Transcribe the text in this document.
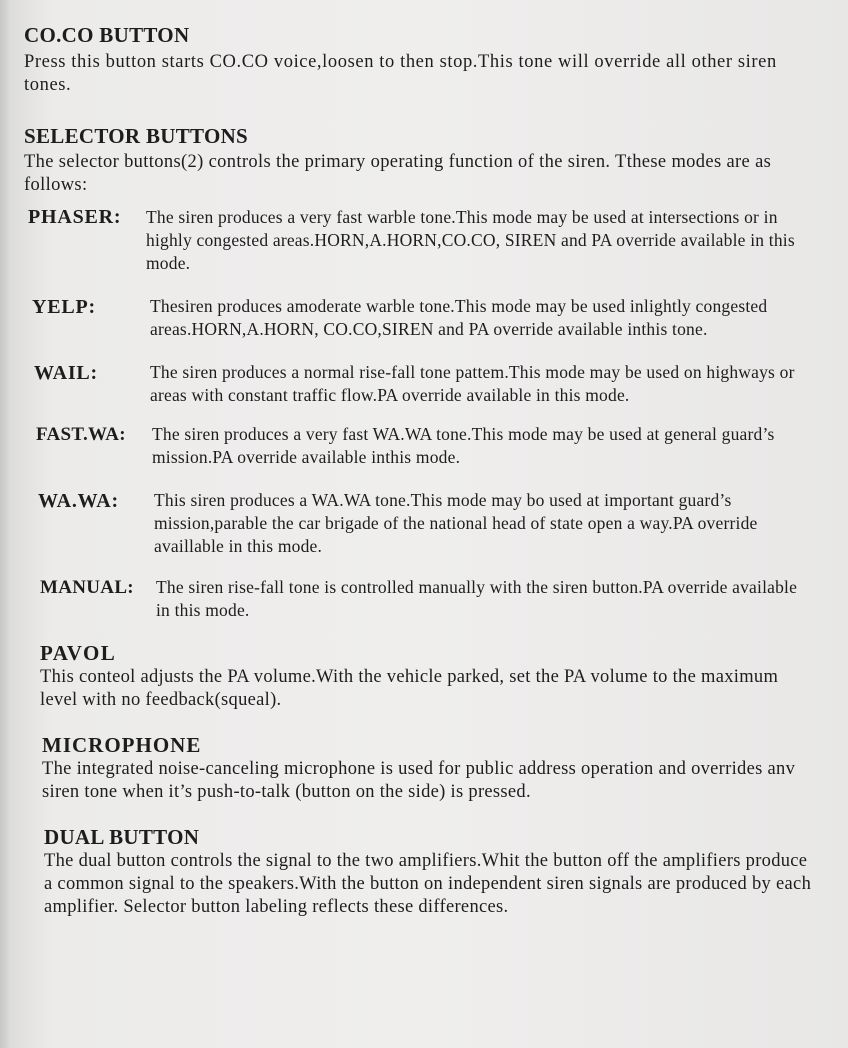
CO.CO BUTTON

Press this button starts CO.CO voice,loosen to then stop.This tone will override all other siren tones.

SELECTOR BUTTONS

The selector buttons(2) controls the primary operating function of the siren. Tthese modes are as follows:

PHASER:	The siren produces a very fast warble tone.This mode may be used at intersections or in highly congested areas.HORN,A.HORN,CO.CO, SIREN and PA override available in this mode.
YELP:	Thesiren produces amoderate warble tone.This mode may be used inlightly congested areas.HORN,A.HORN, CO.CO,SIREN and PA override available inthis tone.
WAIL:	The siren produces a normal rise-fall tone pattem.This mode may be used on highways or areas with constant traffic flow.PA override available in this mode.
FAST.WA:	The siren produces a very fast WA.WA tone.This mode may be used at general guard’s mission.PA override available inthis mode.
WA.WA:	This siren produces a WA.WA tone.This mode may bo used at important guard’s mission,parable the car brigade of the national head of state open a way.PA override availlable in this mode.
MANUAL:	The siren rise-fall tone is controlled manually with the siren button.PA override available in this mode.
PAVOL

This conteol adjusts the PA volume.With the vehicle parked, set the PA volume to the maximum level with no feedback(squeal).

MICROPHONE

The integrated noise-canceling microphone is used for public address operation and overrides anv siren tone when it’s push-to-talk (button on the side) is pressed.

DUAL BUTTON

The dual button controls the signal to the two amplifiers.Whit the button off the amplifiers produce a common signal to the speakers.With the button on independent siren signals are produced by each amplifier. Selector button labeling reflects these differences.
